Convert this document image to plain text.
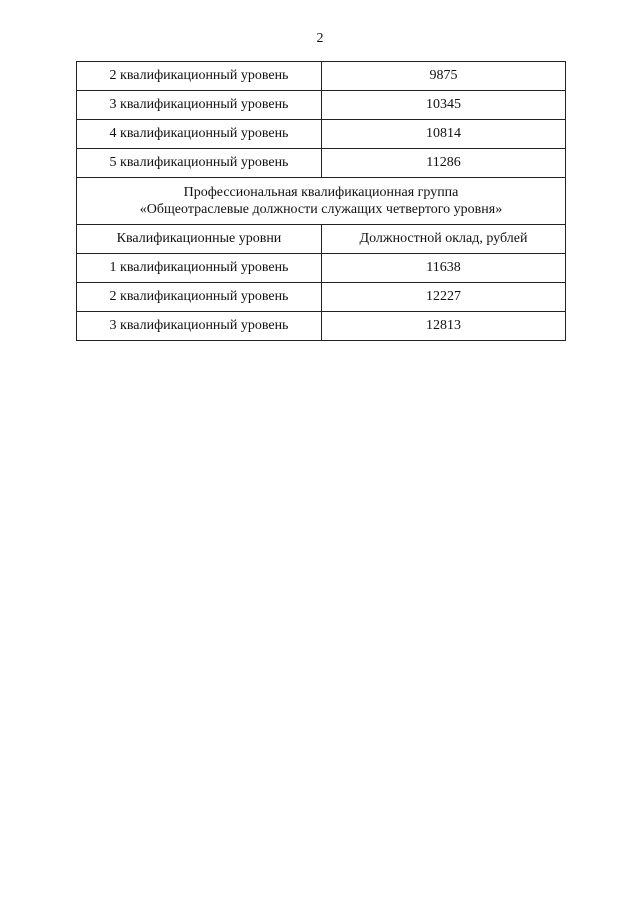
2
2 квалификационный уровень	9875
3 квалификационный уровень	10345
4 квалификационный уровень	10814
5 квалификационный уровень	11286

Профессиональная квалификационная группа
«Общеотраслевые должности служащих четвертого уровня»	

Квалификационные уровни	Должностной оклад, рублей
1 квалификационный уровень	11638
2 квалификационный уровень	12227
3 квалификационный уровень	12813
